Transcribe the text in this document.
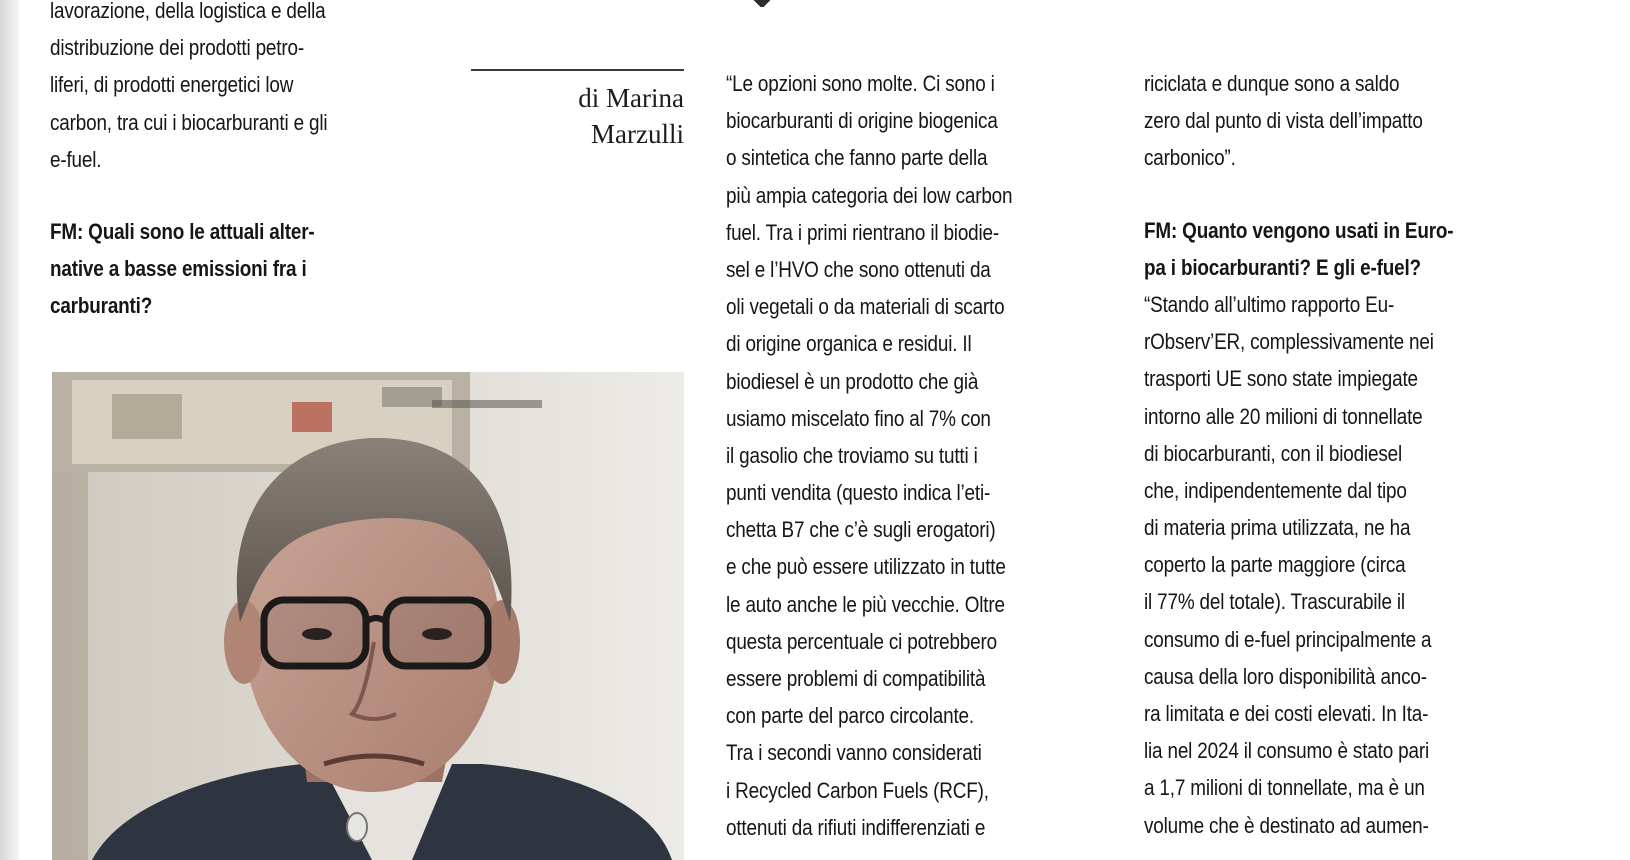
lavorazione, della logistica e della
distribuzione dei prodotti petro-
liferi, di prodotti energetici low
carbon, tra cui i biocarburanti e gli
e-fuel.
FM: Quali sono le attuali alter-
native a basse emissioni fra i
carburanti?
di Marina
Marzulli
“Le opzioni sono molte. Ci sono i
biocarburanti di origine biogenica
o sintetica che fanno parte della
più ampia categoria dei low carbon
fuel. Tra i primi rientrano il biodie-
sel e l’HVO che sono ottenuti da
oli vegetali o da materiali di scarto
di origine organica e residui. Il
biodiesel è un prodotto che già
usiamo miscelato fino al 7% con
il gasolio che troviamo su tutti i
punti vendita (questo indica l’eti-
chetta B7 che c’è sugli erogatori)
e che può essere utilizzato in tutte
le auto anche le più vecchie. Oltre
questa percentuale ci potrebbero
essere problemi di compatibilità
con parte del parco circolante.
Tra i secondi vanno considerati
i Recycled Carbon Fuels (RCF),
ottenuti da rifiuti indifferenziati e
riciclata e dunque sono a saldo
zero dal punto di vista dell’impatto
carbonico”.
FM: Quanto vengono usati in Euro-
pa i biocarburanti? E gli e-fuel?
“Stando all’ultimo rapporto Eu-
rObserv’ER, complessivamente nei
trasporti UE sono state impiegate
intorno alle 20 milioni di tonnellate
di biocarburanti, con il biodiesel
che, indipendentemente dal tipo
di materia prima utilizzata, ne ha
coperto la parte maggiore (circa
il 77% del totale). Trascurabile il
consumo di e-fuel principalmente a
causa della loro disponibilità anco-
ra limitata e dei costi elevati. In Ita-
lia nel 2024 il consumo è stato pari
a 1,7 milioni di tonnellate, ma è un
volume che è destinato ad aumen-
